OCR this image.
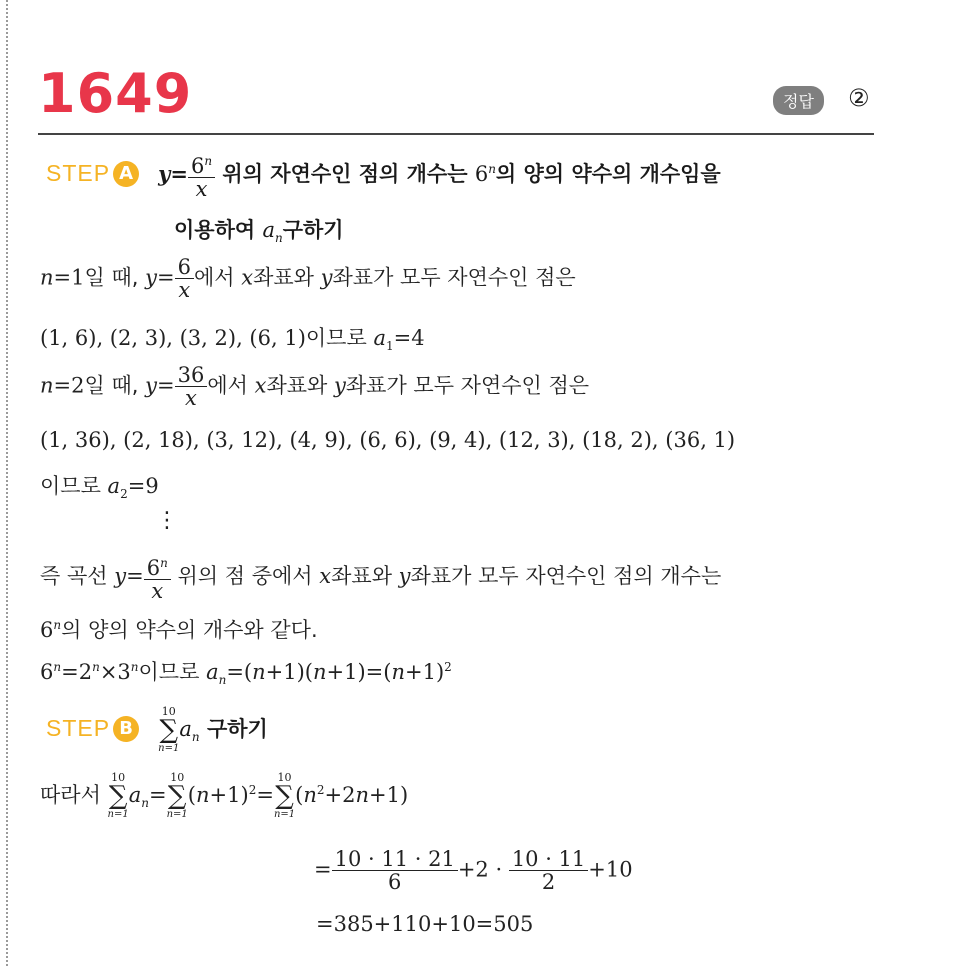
1649	정답	②
STEP A $y= \frac{6^n}{x}$ 위의 자연수인 점의 개수는 6$^n$의 양의 약수의 개수임을
이용하여 $a_n$구하기
n=1일 때, $y= \frac{6}{x}$ 에서 x좌표와 y좌표가 모두 자연수인 점은
(1, 6), (2, 3), (3, 2), (6, 1)이므로 $a_1=4$
n=2일 때, $y= \frac{36}{x}$ 에서 x좌표와 y좌표가 모두 자연수인 점은
(1, 36), (2, 18), (3, 12), (4, 9), (6, 6), (9, 4), (12, 3), (18, 2), (36, 1)
이므로 $a_2=9$
⋮
즉 곡선 $y= \frac{6^n}{x}$ 위의 점 중에서 x좌표와 y좌표가 모두 자연수인 점의 개수는
6$^n$의 양의 약수의 개수와 같다.
$6^n=2^n\times 3^n$이므로 $a_n=(n+1)(n+1)=(n+1)^2$
STEP B
10
∑
n=1
$a_n$ 구하기
따라서
10
∑
n=1
$a_n=$
10
∑
n=1
$(n+1)^2=$
10
∑
n=1
$(n^2+2n+1)$
= $\frac{10 \cdot 11 \cdot 21}{6} +2 \cdot \frac{10 \cdot 11}{2} +10$
=385+110+10=505
